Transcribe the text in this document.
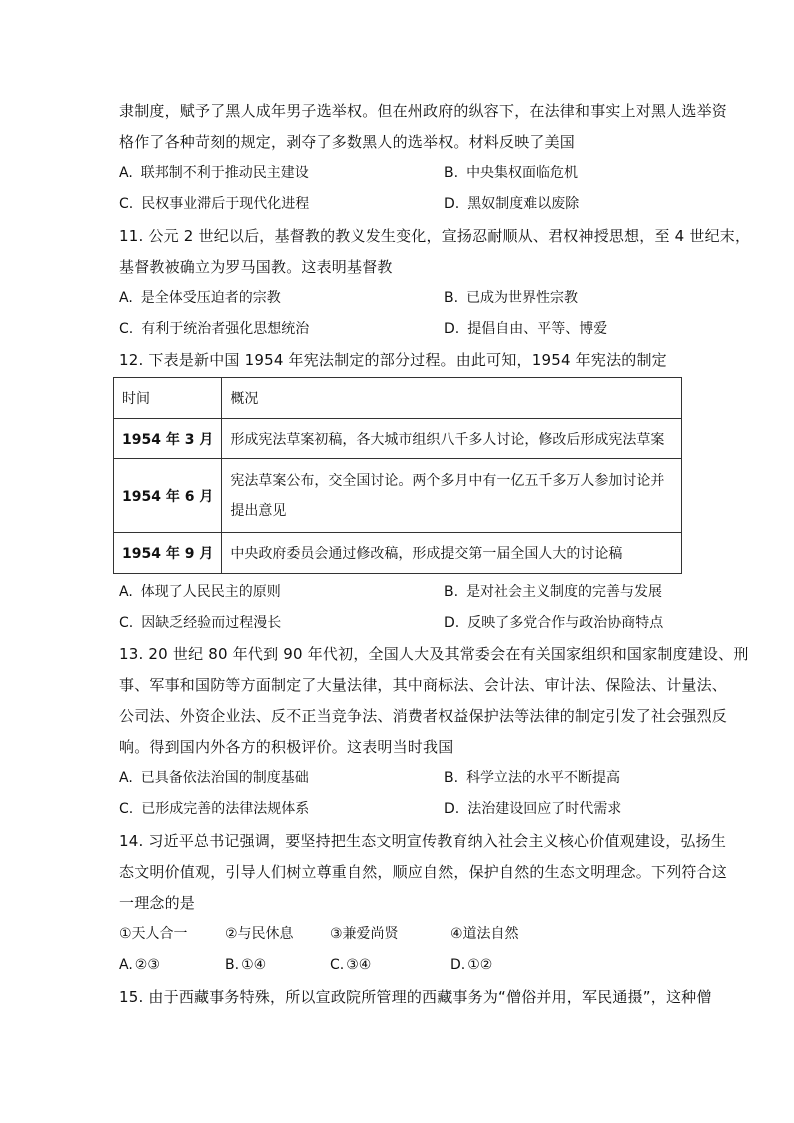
隶制度，赋予了黑人成年男子选举权。但在州政府的纵容下，在法律和事实上对黑人选举资
格作了各种苛刻的规定，剥夺了多数黑人的选举权。材料反映了美国
A. 联邦制不利于推动民主建设	B. 中央集权面临危机
C. 民权事业滞后于现代化进程	D. 黑奴制度难以废除
11. 公元 2 世纪以后，基督教的教义发生变化，宣扬忍耐顺从、君权神授思想，至 4 世纪末，
基督教被确立为罗马国教。这表明基督教
A. 是全体受压迫者的宗教	B. 已成为世界性宗教
C. 有利于统治者强化思想统治	D. 提倡自由、平等、博爱
12. 下表是新中国 1954 年宪法制定的部分过程。由此可知，1954 年宪法的制定
时间	概况
1954 年 3 月	形成宪法草案初稿，各大城市组织八千多人讨论，修改后形成宪法草案
1954 年 6 月	宪法草案公布，交全国讨论。两个多月中有一亿五千多万人参加讨论并提出意见
1954 年 9 月	中央政府委员会通过修改稿，形成提交第一届全国人大的讨论稿
A. 体现了人民民主的原则	B. 是对社会主义制度的完善与发展
C. 因缺乏经验而过程漫长	D. 反映了多党合作与政治协商特点
13. 20 世纪 80 年代到 90 年代初，全国人大及其常委会在有关国家组织和国家制度建设、刑
事、军事和国防等方面制定了大量法律，其中商标法、会计法、审计法、保险法、计量法、
公司法、外资企业法、反不正当竞争法、消费者权益保护法等法律的制定引发了社会强烈反
响。得到国内外各方的积极评价。这表明当时我国
A. 已具备依法治国的制度基础	B. 科学立法的水平不断提高
C. 已形成完善的法律法规体系	D. 法治建设回应了时代需求
14. 习近平总书记强调，要坚持把生态文明宣传教育纳入社会主义核心价值观建设，弘扬生
态文明价值观，引导人们树立尊重自然，顺应自然，保护自然的生态文明理念。下列符合这
一理念的是
①天人合一	②与民休息	③兼爱尚贤	④道法自然
A. ②③	B. ①④	C. ③④	D. ①②
15. 由于西藏事务特殊，所以宣政院所管理的西藏事务为“僧俗并用，军民通摄”，这种僧
